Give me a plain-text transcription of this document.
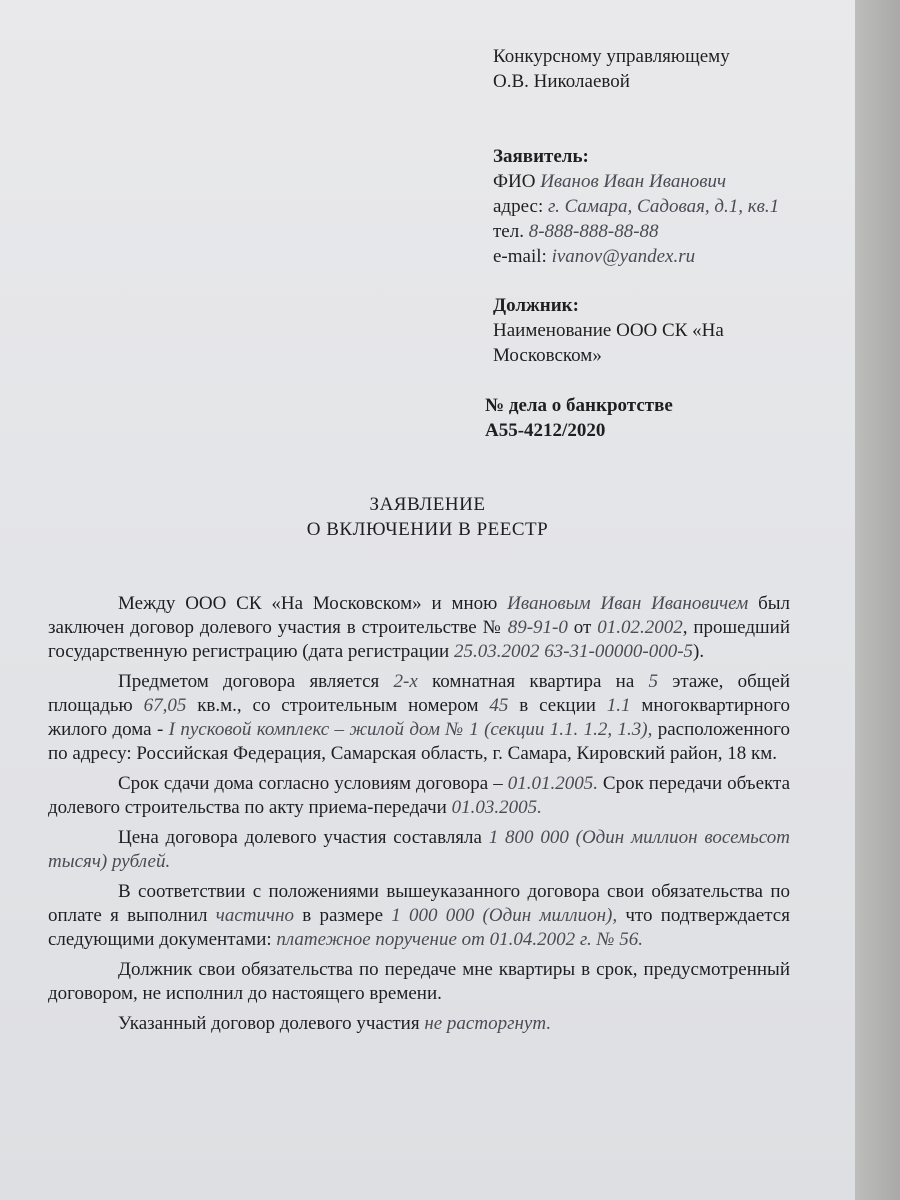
Конкурсному управляющему
О.В. Николаевой
Заявитель:
ФИО Иванов Иван Иванович
адрес: г. Самара, Садовая, д.1, кв.1
тел. 8-888-888-88-88
e-mail: ivanov@yandex.ru
Должник:
Наименование ООО СК «На
Московском»
№ дела о банкротстве
А55-4212/2020
ЗАЯВЛЕНИЕ
О ВКЛЮЧЕНИИ В РЕЕСТР

Между ООО СК «На Московском» и мною Ивановым Иван Ивановичем был заключен договор долевого участия в строительстве № 89-91-0 от 01.02.2002, прошедший государственную регистрацию (дата регистрации 25.03.2002 63-31-00000-000-5).

Предметом договора является 2-х комнатная квартира на 5 этаже, общей площадью 67,05 кв.м., со строительным номером 45 в секции 1.1 многоквартирного жилого дома - I пусковой комплекс – жилой дом № 1 (секции 1.1. 1.2, 1.3), расположенного по адресу: Российская Федерация, Самарская область, г. Самара, Кировский район, 18 км.

Срок сдачи дома согласно условиям договора – 01.01.2005. Срок передачи объекта долевого строительства по акту приема-передачи 01.03.2005.

Цена договора долевого участия составляла 1 800 000 (Один миллион восемьсот тысяч) рублей.

В соответствии с положениями вышеуказанного договора свои обязательства по оплате я выполнил частично в размере 1 000 000 (Один миллион), что подтверждается следующими документами: платежное поручение от 01.04.2002 г. № 56.

Должник свои обязательства по передаче мне квартиры в срок, предусмотренный договором, не исполнил до настоящего времени.

Указанный договор долевого участия не расторгнут.
